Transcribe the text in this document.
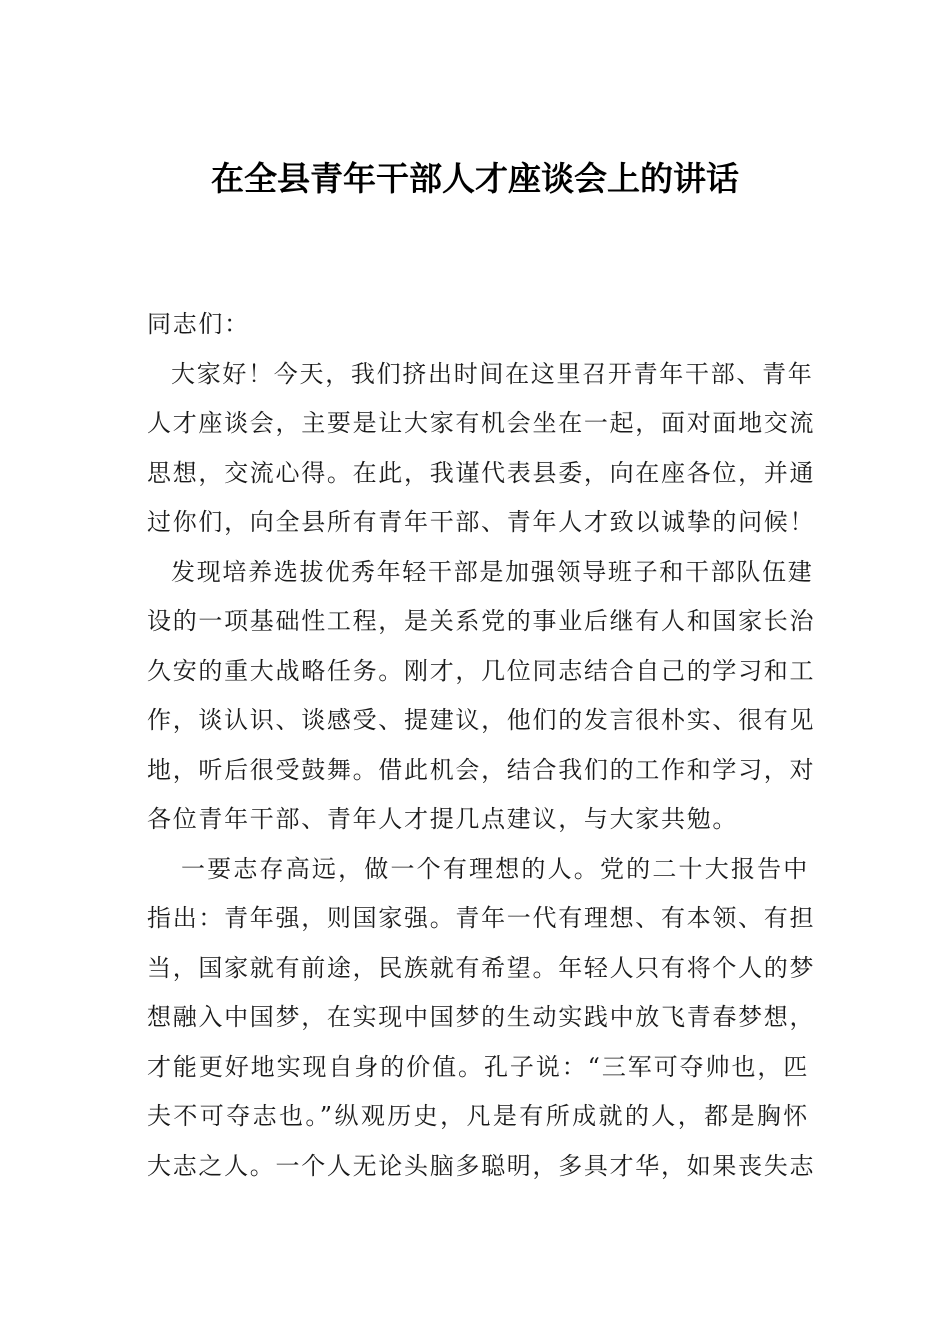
在全县青年干部人才座谈会上的讲话
同志们：
大家好！今天，我们挤出时间在这里召开青年干部、青年
人才座谈会，主要是让大家有机会坐在一起，面对面地交流
思想，交流心得。在此，我谨代表县委，向在座各位，并通
过你们，向全县所有青年干部、青年人才致以诚挚的问候！
发现培养选拔优秀年轻干部是加强领导班子和干部队伍建
设的一项基础性工程，是关系党的事业后继有人和国家长治
久安的重大战略任务。刚才，几位同志结合自己的学习和工
作，谈认识、谈感受、提建议，他们的发言很朴实、很有见
地，听后很受鼓舞。借此机会，结合我们的工作和学习，对
各位青年干部、青年人才提几点建议，与大家共勉。
一要志存高远，做一个有理想的人。党的二十大报告中
指出：青年强，则国家强。青年一代有理想、有本领、有担
当，国家就有前途，民族就有希望。年轻人只有将个人的梦
想融入中国梦，在实现中国梦的生动实践中放飞青春梦想，
才能更好地实现自身的价值。孔子说：“三军可夺帅也，匹
夫不可夺志也。”纵观历史，凡是有所成就的人，都是胸怀
大志之人。一个人无论头脑多聪明，多具才华，如果丧失志
